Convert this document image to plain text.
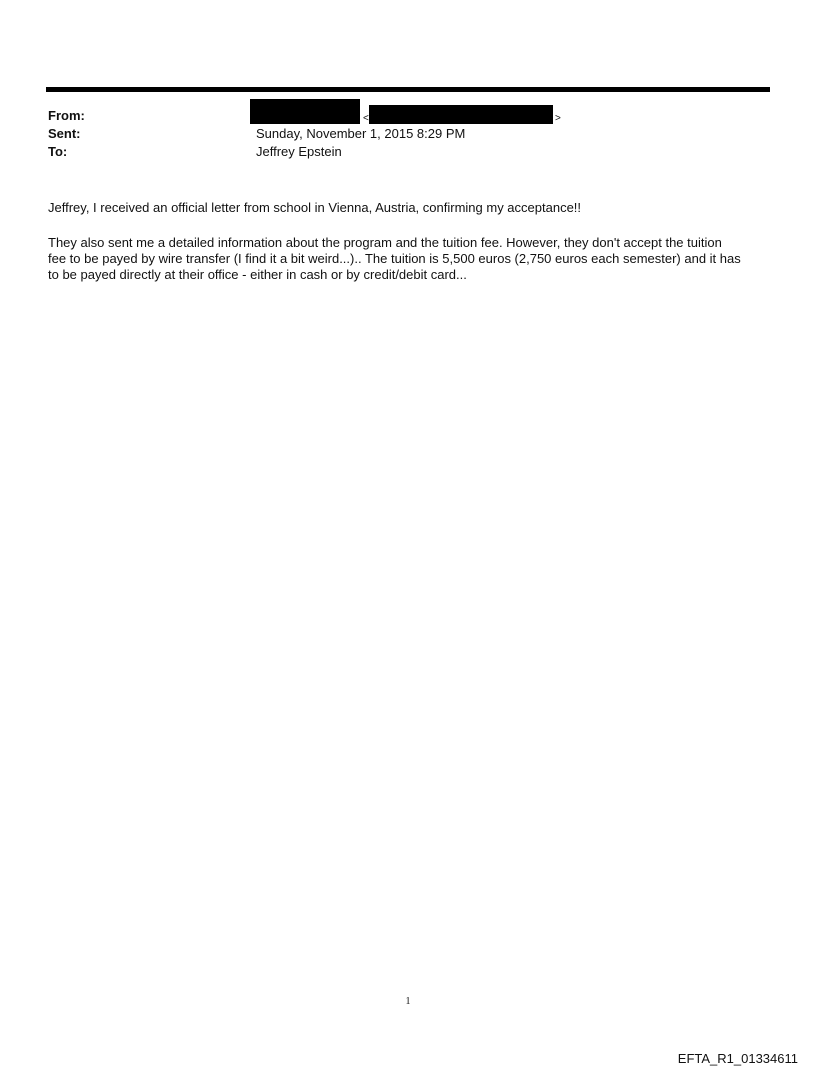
From:	<	>
Sent:	Sunday, November 1, 2015 8:29 PM
To:	Jeffrey Epstein
Jeffrey, I received an official letter from school in Vienna, Austria, confirming my acceptance!!
They also sent me a detailed information about the program and the tuition fee. However, they don't accept the tuition
fee to be payed by wire transfer (I find it a bit weird...).. The tuition is 5,500 euros (2,750 euros each semester) and it has
to be payed directly at their office - either in cash or by credit/debit card...
1
EFTA_R1_01334611
